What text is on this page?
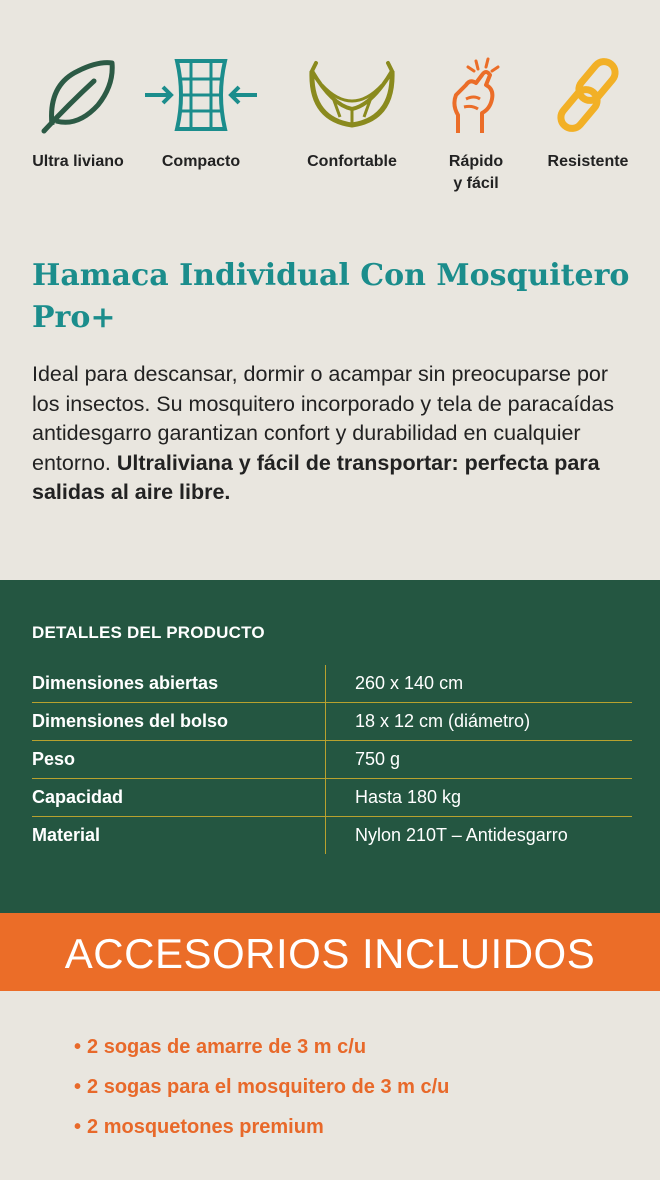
Ultra liviano	Compacto	Confortable	Rápido
y fácil
Resistente
Hamaca Individual Con Mosquitero Pro+

Ideal para descansar, dormir o acampar sin preocuparse por los insectos. Su mosquitero incorporado y tela de paracaídas antidesgarro garantizan confort y durabilidad en cualquier entorno. Ultraliviana y fácil de transportar: perfecta para salidas al aire libre.

DETALLES DEL PRODUCTO
Dimensiones abiertas	260 x 140 cm
Dimensiones del bolso	18 x 12 cm (diámetro)
Peso	750 g
Capacidad	Hasta 180 kg
Material	Nylon 210T – Antidesgarro
ACCESORIOS INCLUIDOS
• 2 sogas de amarre de 3 m c/u
• 2 sogas para el mosquitero de 3 m c/u
• 2 mosquetones premium
